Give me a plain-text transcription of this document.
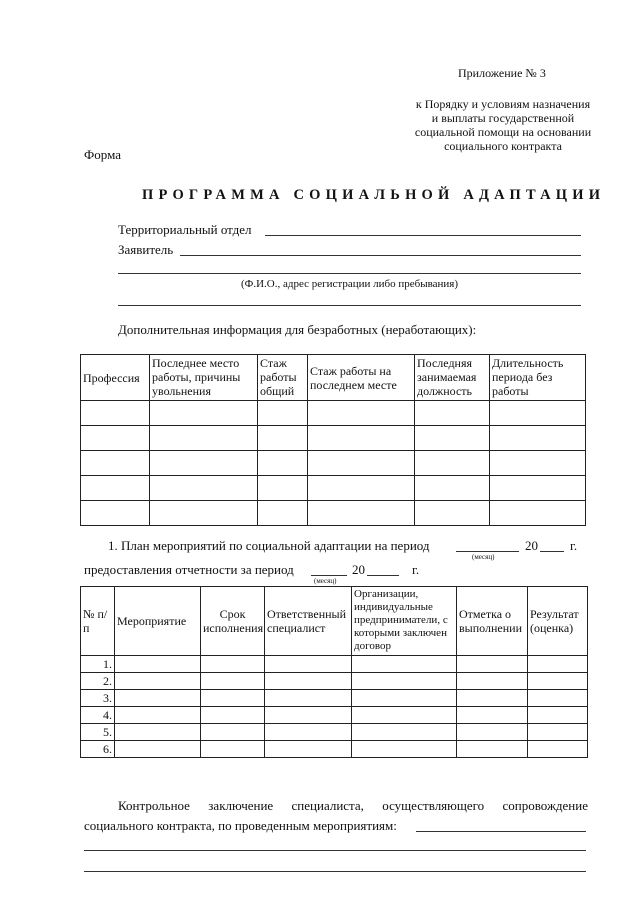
Приложение № 3
к Порядку и условиям назначения
и выплаты государственной
социальной помощи на основании
социального контракта
Форма
ПРОГРАММА СОЦИАЛЬНОЙ АДАПТАЦИИ
Территориальный отдел
Заявитель
(Ф.И.О., адрес регистрации либо пребывания)
Дополнительная информация для безработных (неработающих):
Профессия	Последнее место работы, причины увольнения	Стаж работы общий	Стаж работы на последнем месте	Последняя занимаемая должность	Длительность периода без работы

1. План мероприятий по социальной адаптации на период	20 г.
(месяц)
предоставления отчетности за период	20	г.
(месяц)
№ п/п	Мероприятие	Срок исполнения	Ответственный специалист	Организации, индивидуальные предприниматели, с которыми заключен договор	Отметка о выполнении	Результат (оценка)
1.						
2.						
3.						
4.						
5.						
6.						
Контрольное заключение специалиста, осуществляющего сопровождение
социального контракта, по проведенным мероприятиям:
